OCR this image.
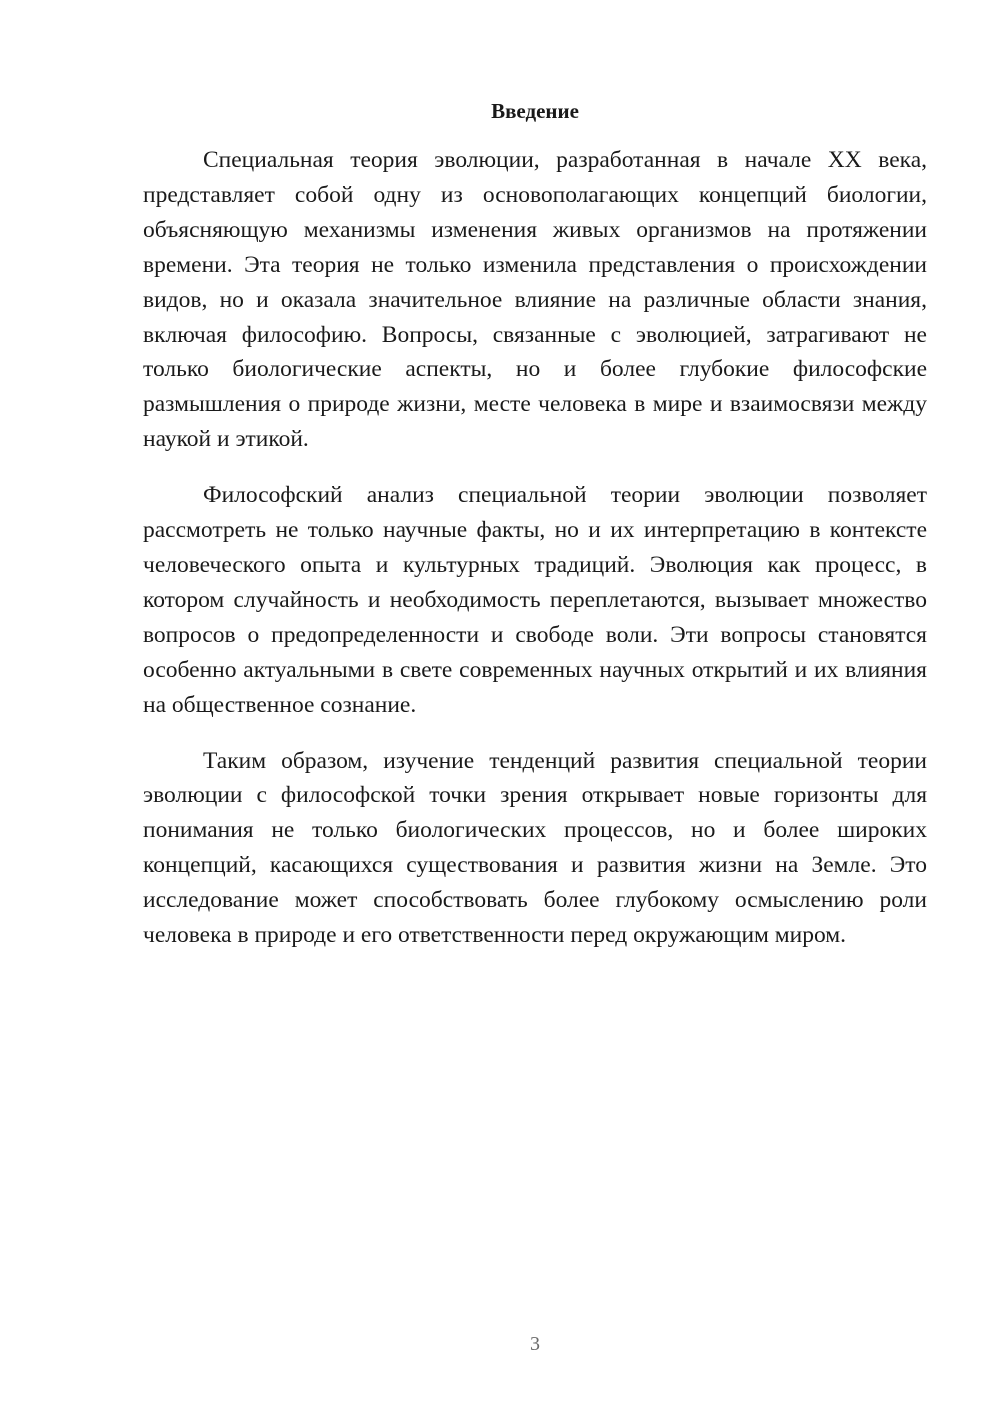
Введение

Специальная теория эволюции, разработанная в начале XX века, представляет собой одну из основополагающих концепций биологии, объясняющую механизмы изменения живых организмов на протяжении времени. Эта теория не только изменила представления о происхождении видов, но и оказала значительное влияние на различные области знания, включая философию. Вопросы, связанные с эволюцией, затрагивают не только биологические аспекты, но и более глубокие философские размышления о природе жизни, месте человека в мире и взаимосвязи между наукой и этикой.

Философский анализ специальной теории эволюции позволяет рассмотреть не только научные факты, но и их интерпретацию в контексте человеческого опыта и культурных традиций. Эволюция как процесс, в котором случайность и необходимость переплетаются, вызывает множество вопросов о предопределенности и свободе воли. Эти вопросы становятся особенно актуальными в свете современных научных открытий и их влияния на общественное сознание.

Таким образом, изучение тенденций развития специальной теории эволюции с философской точки зрения открывает новые горизонты для понимания не только биологических процессов, но и более широких концепций, касающихся существования и развития жизни на Земле. Это исследование может способствовать более глубокому осмыслению роли человека в природе и его ответственности перед окружающим миром.

3
